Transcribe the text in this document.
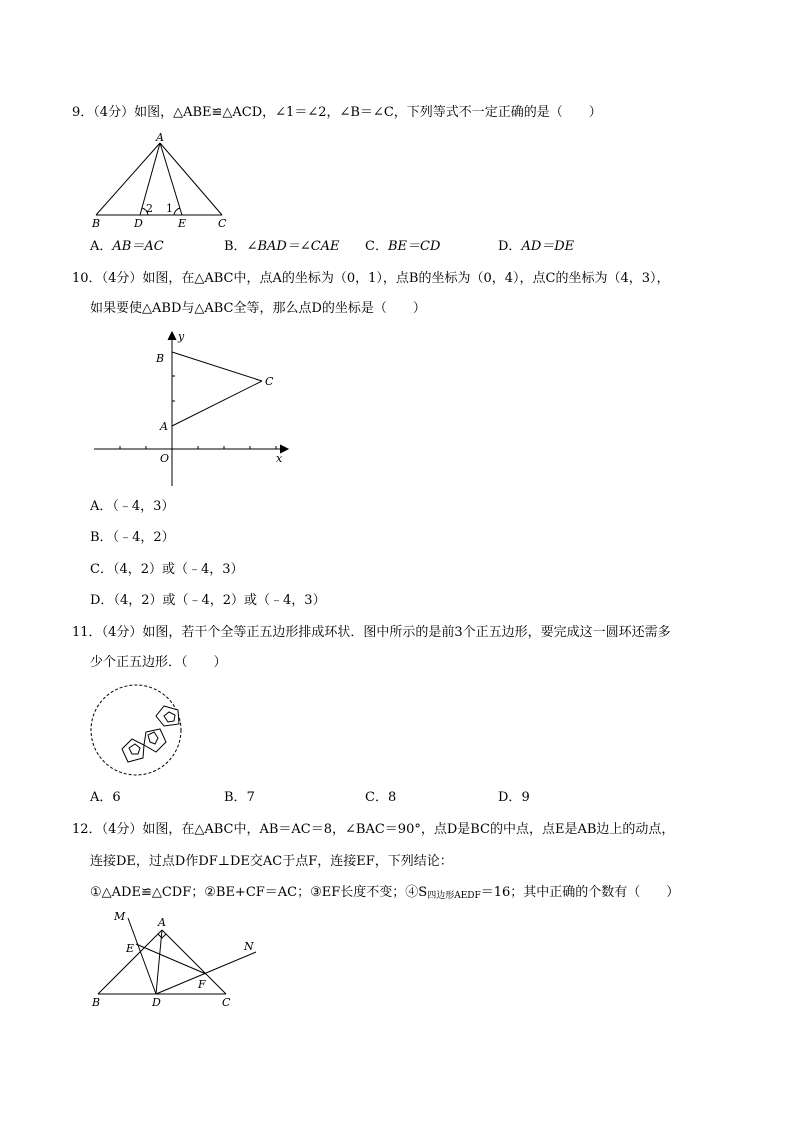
9．（4分）如图，△ABE≌△ACD，∠1＝∠2，∠B＝∠C，下列等式不一定正确的是（　　）
A
B	D	E	C
2 1
A．AB＝AC	B．∠BAD＝∠CAE C．BE＝CD	D．AD＝DE
10．（4分）如图，在△ABC中，点A的坐标为（0，1），点B的坐标为（0，4），点C的坐标为（4，3），
如果要使△ABD与△ABC全等，那么点D的坐标是（　　）
y
B
C
A
O	x
A．（﹣4，3）
B．（﹣4，2）
C．（4，2）或（﹣4，3）
D．（4，2）或（﹣4，2）或（﹣4，3）
11．（4分）如图，若干个全等正五边形排成环状．图中所示的是前3个正五边形，要完成这一圆环还需多
少个正五边形．（　　）
A．6	B．7	C．8	D．9
12．（4分）如图，在△ABC中，AB＝AC＝8，∠BAC＝90°，点D是BC的中点，点E是AB边上的动点，
连接DE，过点D作DF⊥DE交AC于点F，连接EF，下列结论：
①△ADE≌△CDF；②BE+CF＝AC；③EF长度不变；$④S_{四边形AEDF}=16$；其中正确的个数有（　　）
M	A
E	N
F
B	D	C
